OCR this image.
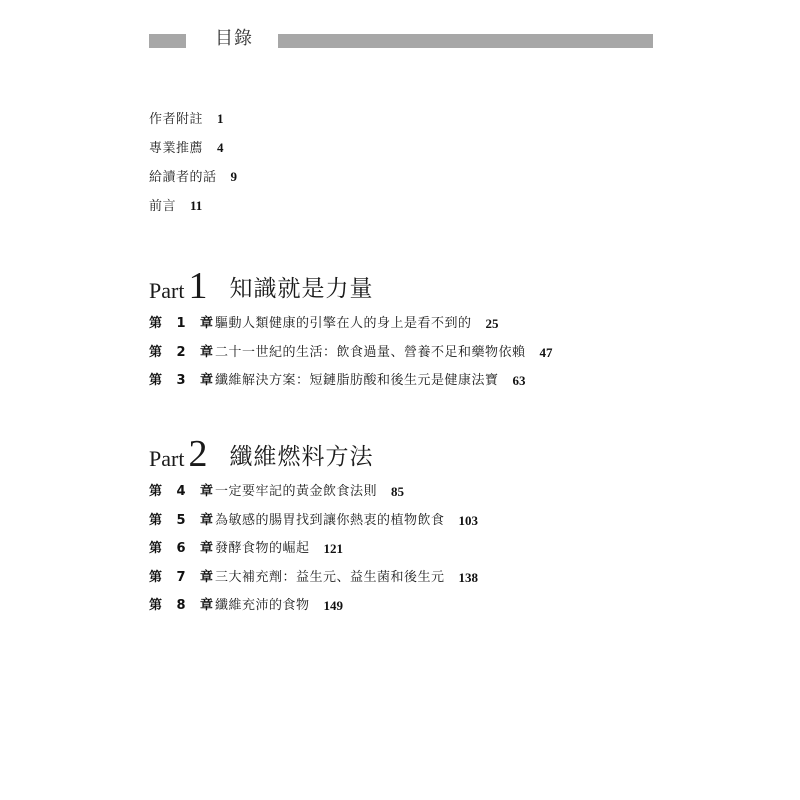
目錄
作者附註 1
專業推薦 4
給讀者的話 9
前言 11
Part 1 知識就是力量
第 1 章 驅動人類健康的引擎在人的身上是看不到的 25
第 2 章 二十一世紀的生活：飲食過量、營養不足和藥物依賴 47
第 3 章 纖維解決方案：短鏈脂肪酸和後生元是健康法寶 63
Part 2 纖維燃料方法
第 4 章 一定要牢記的黃金飲食法則 85
第 5 章 為敏感的腸胃找到讓你熱衷的植物飲食 103
第 6 章 發酵食物的崛起 121
第 7 章 三大補充劑：益生元、益生菌和後生元 138
第 8 章 纖維充沛的食物 149
